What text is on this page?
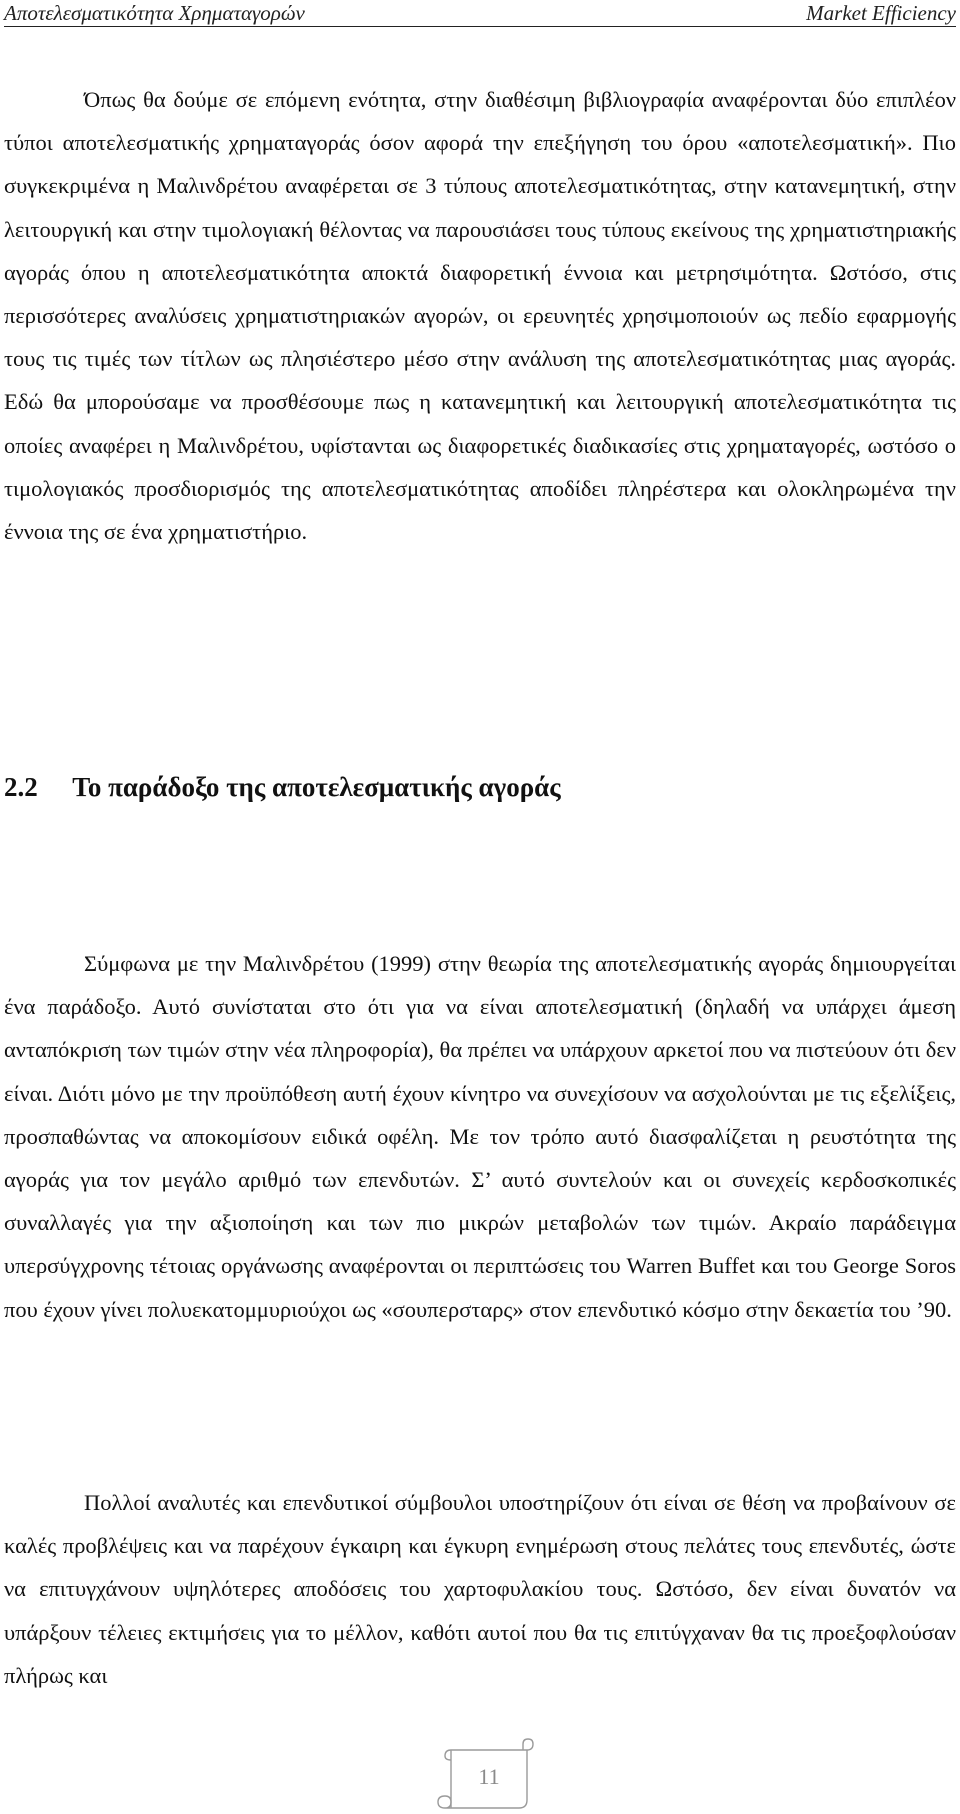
Αποτελεσματικότητα Χρηματαγορών	Market Efficiency

Όπως θα δούμε σε επόμενη ενότητα, στην διαθέσιμη βιβλιογραφία αναφέρονται δύο επιπλέον τύποι αποτελεσματικής χρηματαγοράς όσον αφορά την επεξήγηση του όρου «αποτελεσματική». Πιο συγκεκριμένα η Μαλινδρέτου αναφέρεται σε 3 τύπους αποτελεσματικότητας, στην κατανεμητική, στην λειτουργική και στην τιμολογιακή θέλοντας να παρουσιάσει τους τύπους εκείνους της χρηματιστηριακής αγοράς όπου η αποτελεσματικότητα αποκτά διαφορετική έννοια και μετρησιμότητα. Ωστόσο, στις περισσότερες αναλύσεις χρηματιστηριακών αγορών, οι ερευνητές χρησιμοποιούν ως πεδίο εφαρμογής τους τις τιμές των τίτλων ως πλησιέστερο μέσο στην ανάλυση της αποτελεσματικότητας μιας αγοράς. Εδώ θα μπορούσαμε να προσθέσουμε πως η κατανεμητική και λειτουργική αποτελεσματικότητα τις οποίες αναφέρει η Μαλινδρέτου, υφίστανται ως διαφορετικές διαδικασίες στις χρηματαγορές, ωστόσο ο τιμολογιακός προσδιορισμός της αποτελεσματικότητας αποδίδει πληρέστερα και ολοκληρωμένα την έννοια της σε ένα χρηματιστήριο.

2.2 Το παράδοξο της αποτελεσματικής αγοράς

Σύμφωνα με την Μαλινδρέτου (1999) στην θεωρία της αποτελεσματικής αγοράς δημιουργείται ένα παράδοξο. Αυτό συνίσταται στο ότι για να είναι αποτελεσματική (δηλαδή να υπάρχει άμεση ανταπόκριση των τιμών στην νέα πληροφορία), θα πρέπει να υπάρχουν αρκετοί που να πιστεύουν ότι δεν είναι. Διότι μόνο με την προϋπόθεση αυτή έχουν κίνητρο να συνεχίσουν να ασχολούνται με τις εξελίξεις, προσπαθώντας να αποκομίσουν ειδικά οφέλη. Με τον τρόπο αυτό διασφαλίζεται η ρευστότητα της αγοράς για τον μεγάλο αριθμό των επενδυτών. Σ’ αυτό συντελούν και οι συνεχείς κερδοσκοπικές συναλλαγές για την αξιοποίηση και των πιο μικρών μεταβολών των τιμών. Ακραίο παράδειγμα υπερσύγχρονης τέτοιας οργάνωσης αναφέρονται οι περιπτώσεις του Warren Buffet και του George Soros που έχουν γίνει πολυεκατομμυριούχοι ως «σουπερσταρς» στον επενδυτικό κόσμο στην δεκαετία του ’90.

Πολλοί αναλυτές και επενδυτικοί σύμβουλοι υποστηρίζουν ότι είναι σε θέση να προβαίνουν σε καλές προβλέψεις και να παρέχουν έγκαιρη και έγκυρη ενημέρωση στους πελάτες τους επενδυτές, ώστε να επιτυγχάνουν υψηλότερες αποδόσεις του χαρτοφυλακίου τους. Ωστόσο, δεν είναι δυνατόν να υπάρξουν τέλειες εκτιμήσεις για το μέλλον, καθότι αυτοί που θα τις επιτύγχαναν θα τις προεξοφλούσαν πλήρως και

11
